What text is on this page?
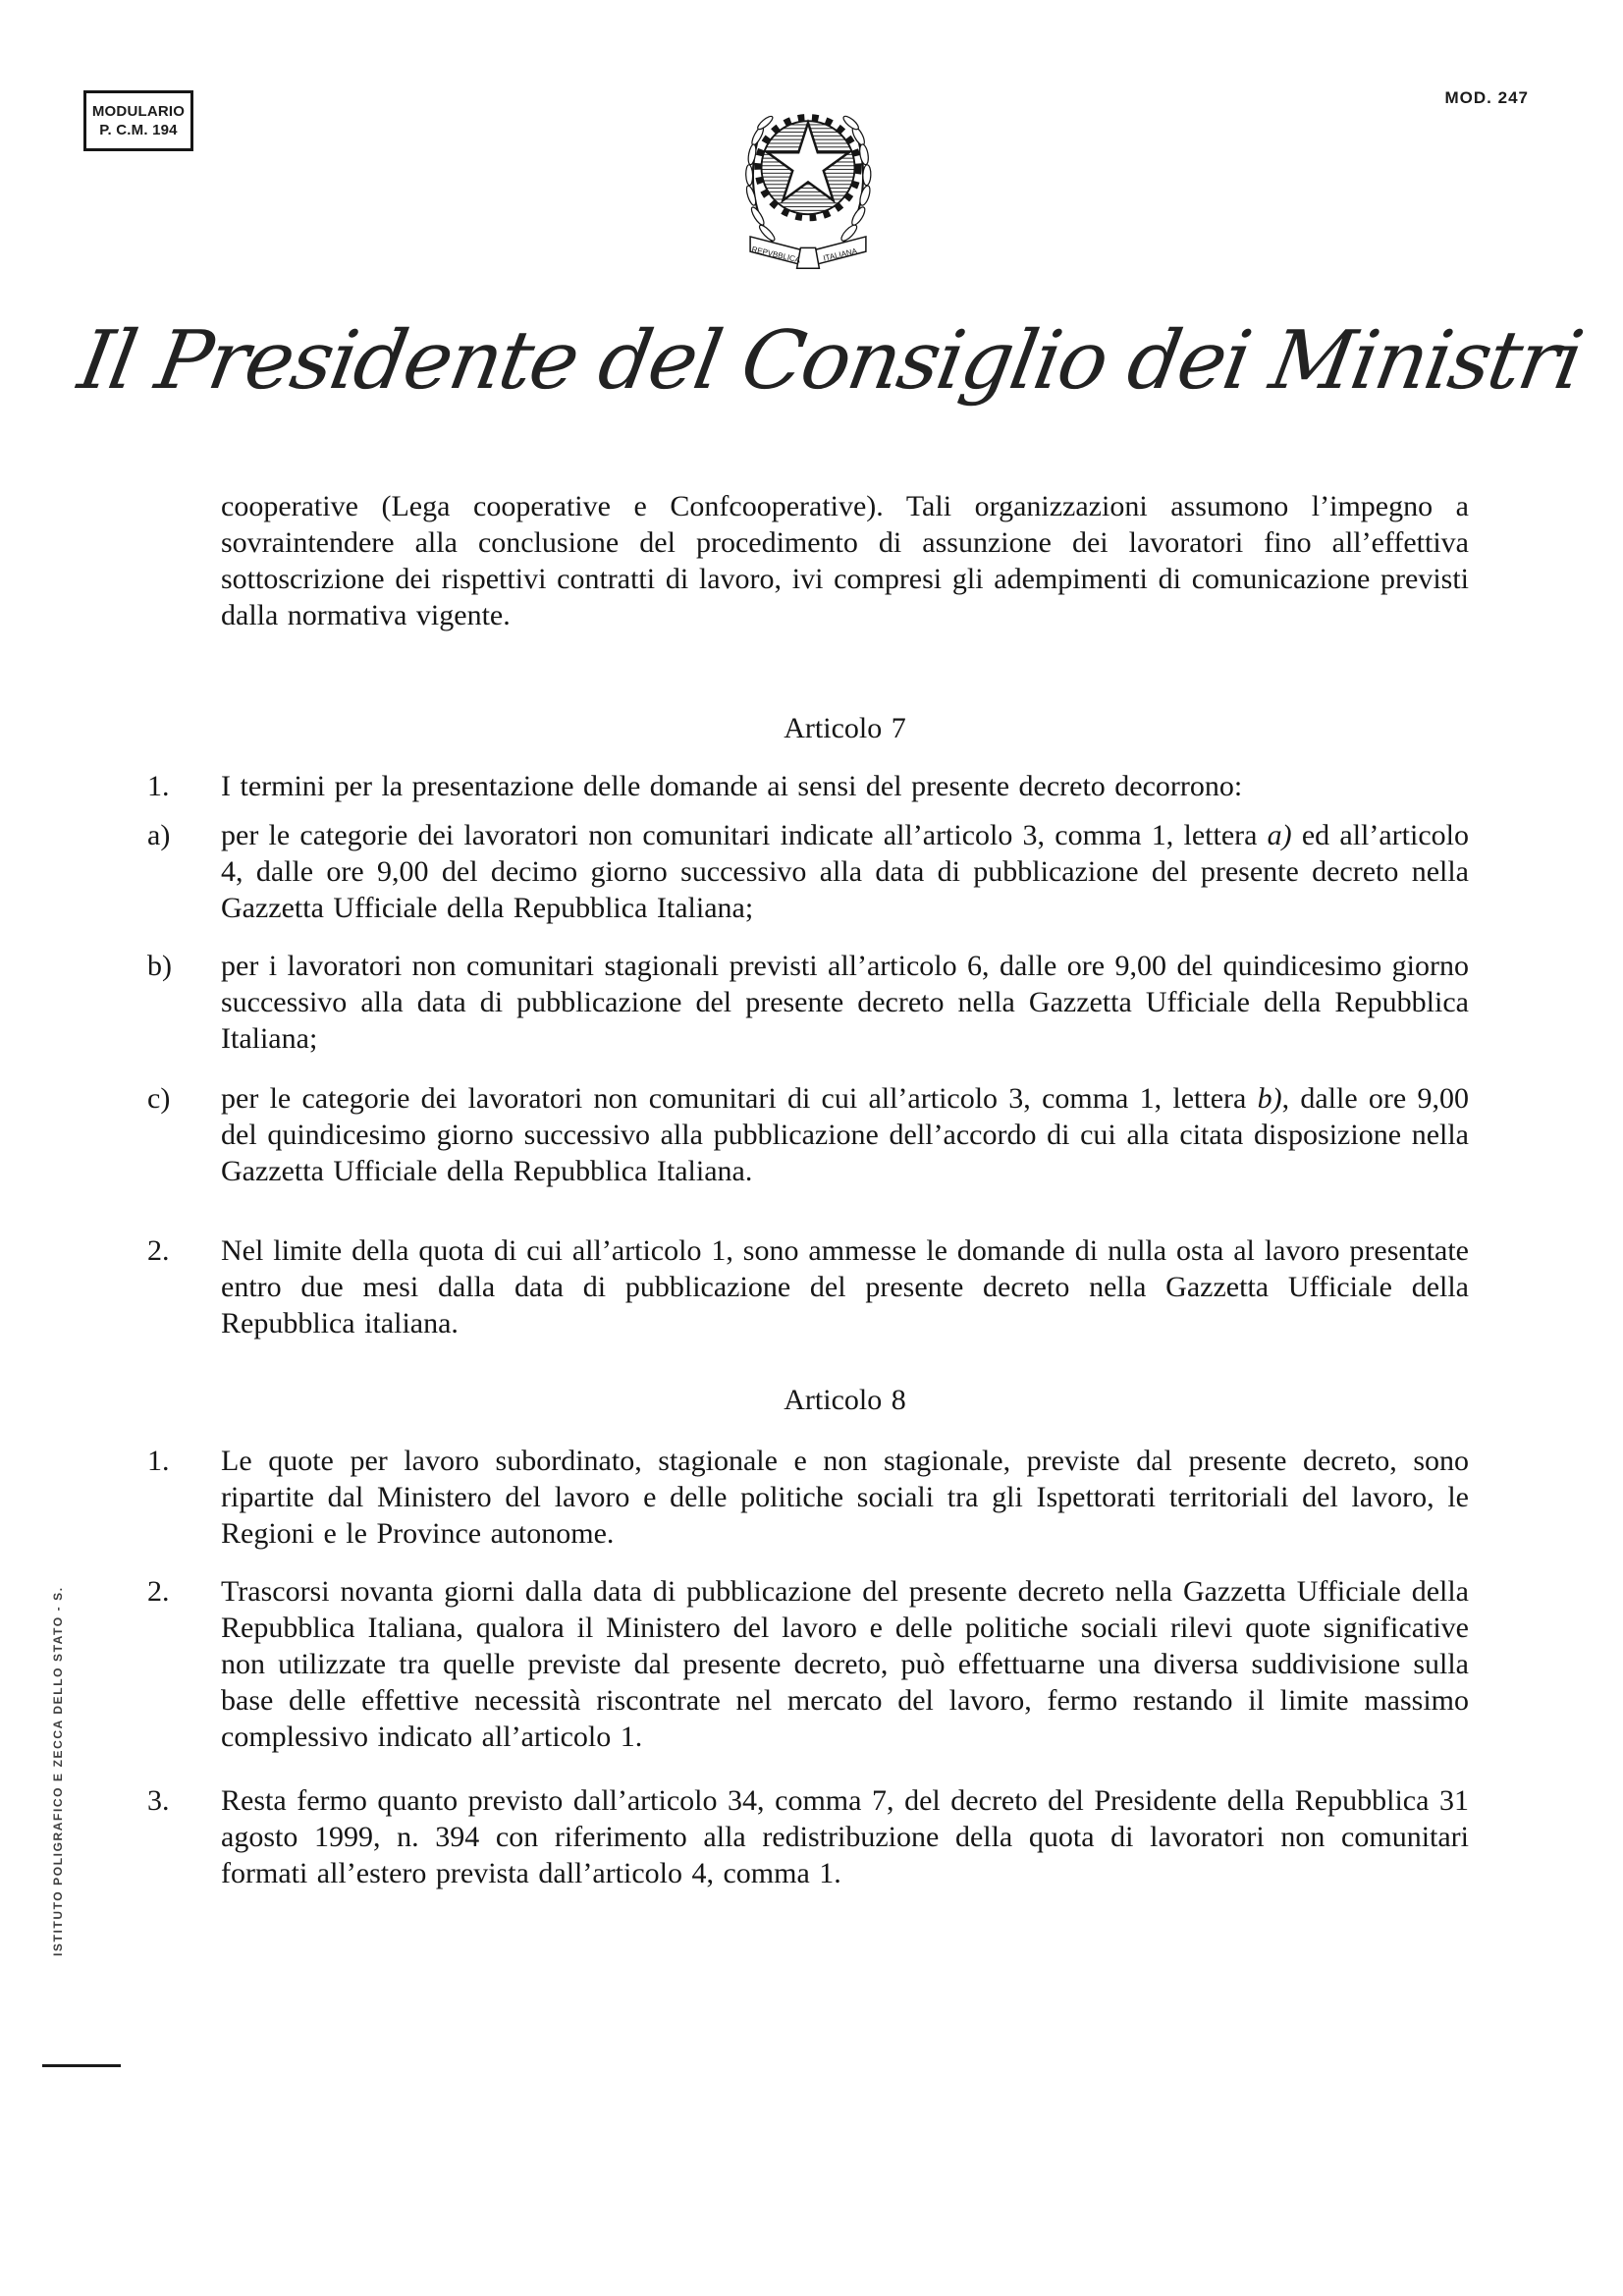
MODULARIO
P. C.M. 194
MOD. 247
REPVBBLICA	ITALIANA
Il Presidente del Consiglio dei Ministri

cooperative (Lega cooperative e Confcooperative). Tali organizzazioni assumono l’impegno a sovraintendere alla conclusione del procedimento di assunzione dei lavoratori fino all’effettiva sottoscrizione dei rispettivi contratti di lavoro, ivi compresi gli adempimenti di comunicazione previsti dalla normativa vigente.

Articolo 7
1.	I termini per la presentazione delle domande ai sensi del presente decreto decorrono:
a)	per le categorie dei lavoratori non comunitari indicate all’articolo 3, comma 1, lettera a) ed all’articolo 4, dalle ore 9,00 del decimo giorno successivo alla data di pubblicazione del presente decreto nella Gazzetta Ufficiale della Repubblica Italiana;
b)	per i lavoratori non comunitari stagionali previsti all’articolo 6, dalle ore 9,00 del quindicesimo giorno successivo alla data di pubblicazione del presente decreto nella Gazzetta Ufficiale della Repubblica Italiana;
c)	per le categorie dei lavoratori non comunitari di cui all’articolo 3, comma 1, lettera b), dalle ore 9,00 del quindicesimo giorno successivo alla pubblicazione dell’accordo di cui alla citata disposizione nella Gazzetta Ufficiale della Repubblica Italiana.
2.	Nel limite della quota di cui all’articolo 1, sono ammesse le domande di nulla osta al lavoro presentate entro due mesi dalla data di pubblicazione del presente decreto nella Gazzetta Ufficiale della Repubblica italiana.
Articolo 8
1.	Le quote per lavoro subordinato, stagionale e non stagionale, previste dal presente decreto, sono ripartite dal Ministero del lavoro e delle politiche sociali tra gli Ispettorati territoriali del lavoro, le Regioni e le Province autonome.
2.	Trascorsi novanta giorni dalla data di pubblicazione del presente decreto nella Gazzetta Ufficiale della Repubblica Italiana, qualora il Ministero del lavoro e delle politiche sociali rilevi quote significative non utilizzate tra quelle previste dal presente decreto, può effettuarne una diversa suddivisione sulla base delle effettive necessità riscontrate nel mercato del lavoro, fermo restando il limite massimo complessivo indicato all’articolo 1.
3.	Resta fermo quanto previsto dall’articolo 34, comma 7, del decreto del Presidente della Repubblica 31 agosto 1999, n. 394 con riferimento alla redistribuzione della quota di lavoratori non comunitari formati all’estero prevista dall’articolo 4, comma 1.
ISTITUTO POLIGRAFICO E ZECCA DELLO STATO - S.
